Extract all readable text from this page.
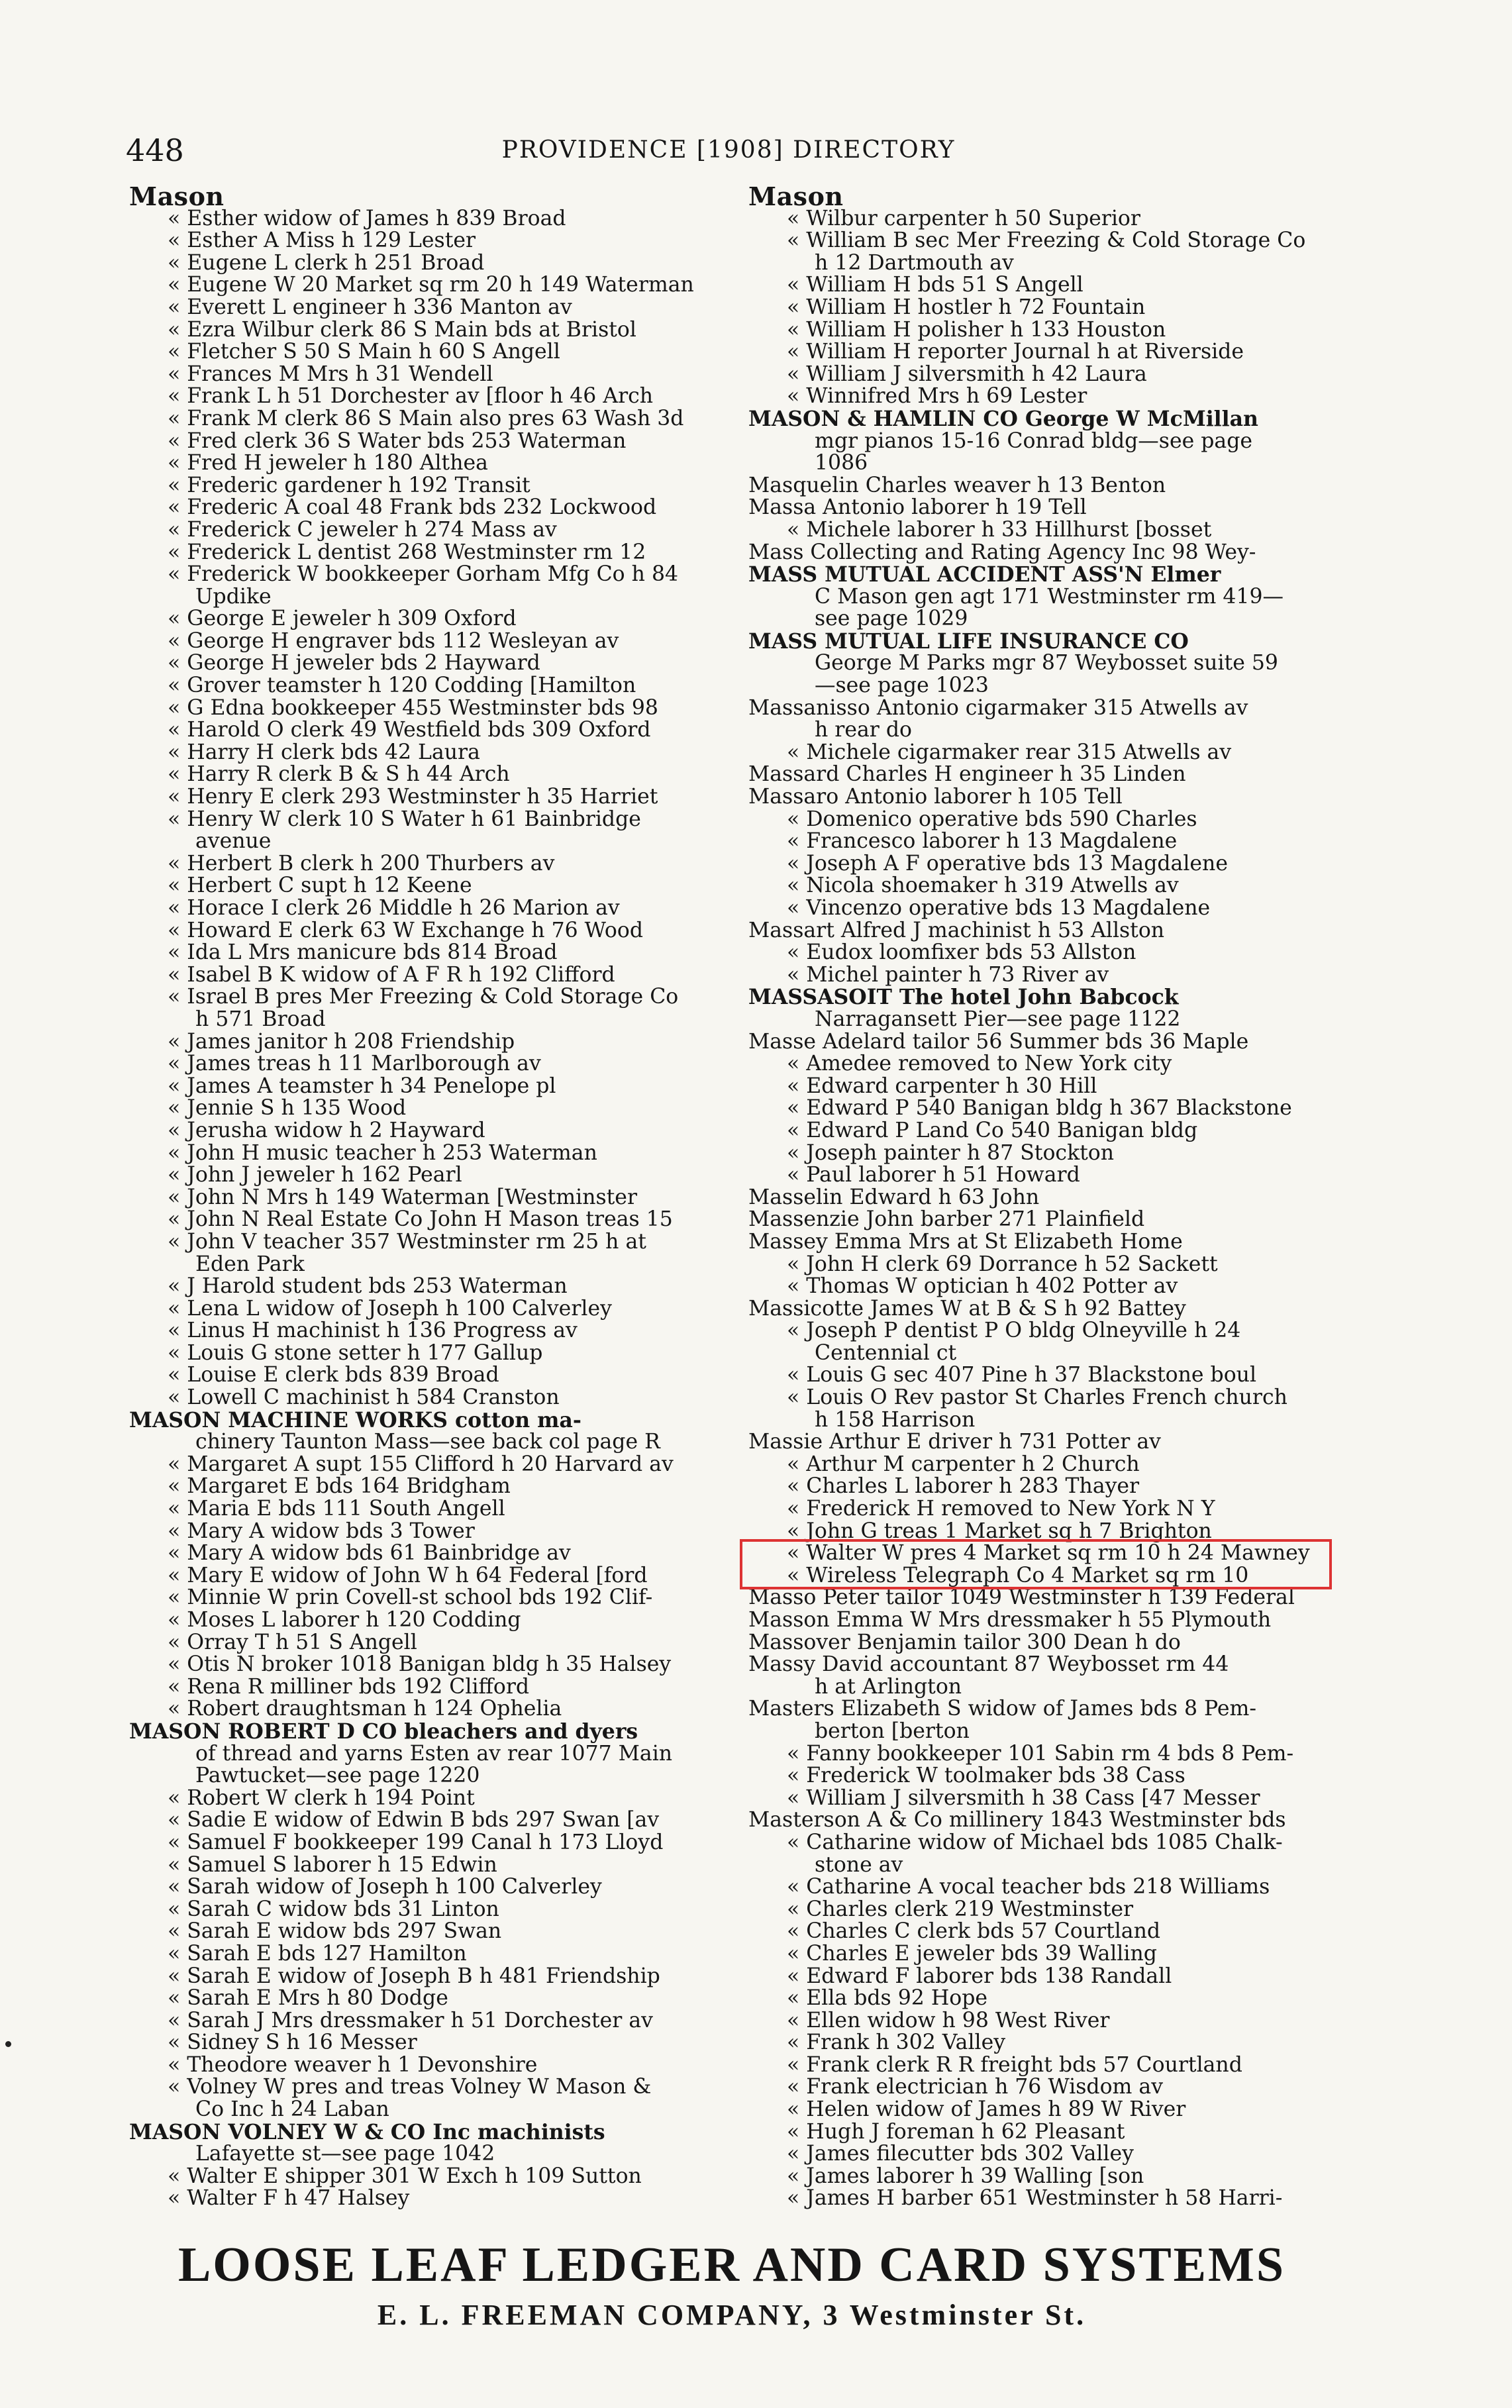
448	PROVIDENCE [1908] DIRECTORY
Mason
« Esther widow of James h 839 Broad
« Esther A Miss h 129 Lester
« Eugene L clerk h 251 Broad
« Eugene W 20 Market sq rm 20 h 149 Waterman
« Everett L engineer h 336 Manton av
« Ezra Wilbur clerk 86 S Main bds at Bristol
« Fletcher S 50 S Main h 60 S Angell
« Frances M Mrs h 31 Wendell
« Frank L h 51 Dorchester av [floor h 46 Arch
« Frank M clerk 86 S Main also pres 63 Wash 3d
« Fred clerk 36 S Water bds 253 Waterman
« Fred H jeweler h 180 Althea
« Frederic gardener h 192 Transit
« Frederic A coal 48 Frank bds 232 Lockwood
« Frederick C jeweler h 274 Mass av
« Frederick L dentist 268 Westminster rm 12
« Frederick W bookkeeper Gorham Mfg Co h 84
Updike
« George E jeweler h 309 Oxford
« George H engraver bds 112 Wesleyan av
« George H jeweler bds 2 Hayward
« Grover teamster h 120 Codding [Hamilton
« G Edna bookkeeper 455 Westminster bds 98
« Harold O clerk 49 Westfield bds 309 Oxford
« Harry H clerk bds 42 Laura
« Harry R clerk B & S h 44 Arch
« Henry E clerk 293 Westminster h 35 Harriet
« Henry W clerk 10 S Water h 61 Bainbridge
avenue
« Herbert B clerk h 200 Thurbers av
« Herbert C supt h 12 Keene
« Horace I clerk 26 Middle h 26 Marion av
« Howard E clerk 63 W Exchange h 76 Wood
« Ida L Mrs manicure bds 814 Broad
« Isabel B K widow of A F R h 192 Clifford
« Israel B pres Mer Freezing & Cold Storage Co
h 571 Broad
« James janitor h 208 Friendship
« James treas h 11 Marlborough av
« James A teamster h 34 Penelope pl
« Jennie S h 135 Wood
« Jerusha widow h 2 Hayward
« John H music teacher h 253 Waterman
« John J jeweler h 162 Pearl
« John N Mrs h 149 Waterman [Westminster
« John N Real Estate Co John H Mason treas 15
« John V teacher 357 Westminster rm 25 h at
Eden Park
« J Harold student bds 253 Waterman
« Lena L widow of Joseph h 100 Calverley
« Linus H machinist h 136 Progress av
« Louis G stone setter h 177 Gallup
« Louise E clerk bds 839 Broad
« Lowell C machinist h 584 Cranston
MASON MACHINE WORKS cotton ma-
chinery Taunton Mass—see back col page R
« Margaret A supt 155 Clifford h 20 Harvard av
« Margaret E bds 164 Bridgham
« Maria E bds 111 South Angell
« Mary A widow bds 3 Tower
« Mary A widow bds 61 Bainbridge av
« Mary E widow of John W h 64 Federal [ford
« Minnie W prin Covell-st school bds 192 Clif-
« Moses L laborer h 120 Codding
« Orray T h 51 S Angell
« Otis N broker 1018 Banigan bldg h 35 Halsey
« Rena R milliner bds 192 Clifford
« Robert draughtsman h 124 Ophelia
MASON ROBERT D CO bleachers and dyers
of thread and yarns Esten av rear 1077 Main
Pawtucket—see page 1220
« Robert W clerk h 194 Point
« Sadie E widow of Edwin B bds 297 Swan [av
« Samuel F bookkeeper 199 Canal h 173 Lloyd
« Samuel S laborer h 15 Edwin
« Sarah widow of Joseph h 100 Calverley
« Sarah C widow bds 31 Linton
« Sarah E widow bds 297 Swan
« Sarah E bds 127 Hamilton
« Sarah E widow of Joseph B h 481 Friendship
« Sarah E Mrs h 80 Dodge
« Sarah J Mrs dressmaker h 51 Dorchester av
« Sidney S h 16 Messer
« Theodore weaver h 1 Devonshire
« Volney W pres and treas Volney W Mason &
Co Inc h 24 Laban
MASON VOLNEY W & CO Inc machinists
Lafayette st—see page 1042
« Walter E shipper 301 W Exch h 109 Sutton
« Walter F h 47 Halsey
Mason
« Wilbur carpenter h 50 Superior
« William B sec Mer Freezing & Cold Storage Co
h 12 Dartmouth av
« William H bds 51 S Angell
« William H hostler h 72 Fountain
« William H polisher h 133 Houston
« William H reporter Journal h at Riverside
« William J silversmith h 42 Laura
« Winnifred Mrs h 69 Lester
MASON & HAMLIN CO George W McMillan
mgr pianos 15-16 Conrad bldg—see page
1086
Masquelin Charles weaver h 13 Benton
Massa Antonio laborer h 19 Tell
« Michele laborer h 33 Hillhurst [bosset
Mass Collecting and Rating Agency Inc 98 Wey-
MASS MUTUAL ACCIDENT ASS'N Elmer
C Mason gen agt 171 Westminster rm 419—
see page 1029
MASS MUTUAL LIFE INSURANCE CO
George M Parks mgr 87 Weybosset suite 59
—see page 1023
Massanisso Antonio cigarmaker 315 Atwells av
h rear do
« Michele cigarmaker rear 315 Atwells av
Massard Charles H engineer h 35 Linden
Massaro Antonio laborer h 105 Tell
« Domenico operative bds 590 Charles
« Francesco laborer h 13 Magdalene
« Joseph A F operative bds 13 Magdalene
« Nicola shoemaker h 319 Atwells av
« Vincenzo operative bds 13 Magdalene
Massart Alfred J machinist h 53 Allston
« Eudox loomfixer bds 53 Allston
« Michel painter h 73 River av
MASSASOIT The hotel John Babcock
Narragansett Pier—see page 1122
Masse Adelard tailor 56 Summer bds 36 Maple
« Amedee removed to New York city
« Edward carpenter h 30 Hill
« Edward P 540 Banigan bldg h 367 Blackstone
« Edward P Land Co 540 Banigan bldg
« Joseph painter h 87 Stockton
« Paul laborer h 51 Howard
Masselin Edward h 63 John
Massenzie John barber 271 Plainfield
Massey Emma Mrs at St Elizabeth Home
« John H clerk 69 Dorrance h 52 Sackett
« Thomas W optician h 402 Potter av
Massicotte James W at B & S h 92 Battey
« Joseph P dentist P O bldg Olneyville h 24
Centennial ct
« Louis G sec 407 Pine h 37 Blackstone boul
« Louis O Rev pastor St Charles French church
h 158 Harrison
Massie Arthur E driver h 731 Potter av
« Arthur M carpenter h 2 Church
« Charles L laborer h 283 Thayer
« Frederick H removed to New York N Y
« John G treas 1 Market sq h 7 Brighton
« Walter W pres 4 Market sq rm 10 h 24 Mawney
« Wireless Telegraph Co 4 Market sq rm 10
Masso Peter tailor 1049 Westminster h 139 Federal
Masson Emma W Mrs dressmaker h 55 Plymouth
Massover Benjamin tailor 300 Dean h do
Massy David accountant 87 Weybosset rm 44
h at Arlington
Masters Elizabeth S widow of James bds 8 Pem-
berton [berton
« Fanny bookkeeper 101 Sabin rm 4 bds 8 Pem-
« Frederick W toolmaker bds 38 Cass
« William J silversmith h 38 Cass [47 Messer
Masterson A & Co millinery 1843 Westminster bds
« Catharine widow of Michael bds 1085 Chalk-
stone av
« Catharine A vocal teacher bds 218 Williams
« Charles clerk 219 Westminster
« Charles C clerk bds 57 Courtland
« Charles E jeweler bds 39 Walling
« Edward F laborer bds 138 Randall
« Ella bds 92 Hope
« Ellen widow h 98 West River
« Frank h 302 Valley
« Frank clerk R R freight bds 57 Courtland
« Frank electrician h 76 Wisdom av
« Helen widow of James h 89 W River
« Hugh J foreman h 62 Pleasant
« James filecutter bds 302 Valley
« James laborer h 39 Walling [son
« James H barber 651 Westminster h 58 Harri-
LOOSE LEAF LEDGER AND CARD SYSTEMS
E. L. FREEMAN COMPANY, 3 Westminster St.
